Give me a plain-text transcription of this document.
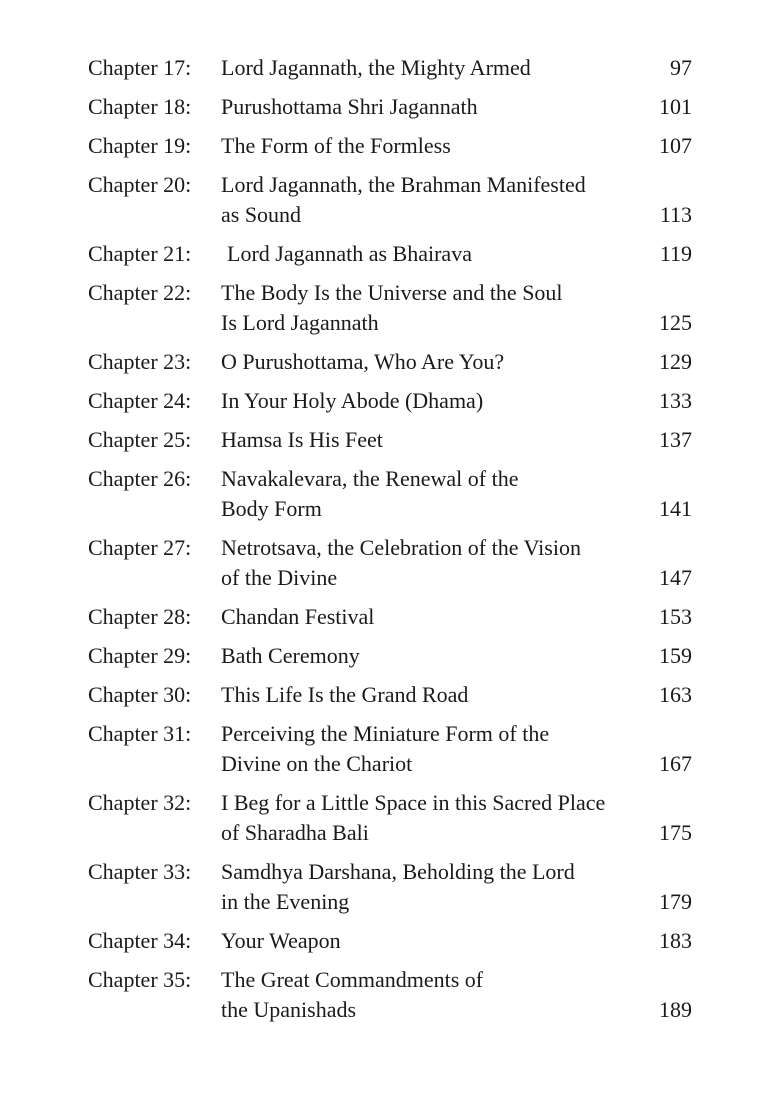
Chapter 17:	Lord Jagannath, the Mighty Armed	97
Chapter 18:	Purushottama Shri Jagannath	101
Chapter 19:	The Form of the Formless	107
Chapter 20:	Lord Jagannath, the Brahman Manifested
as Sound	113
Chapter 21:	Lord Jagannath as Bhairava	119
Chapter 22:	The Body Is the Universe and the Soul
Is Lord Jagannath	125
Chapter 23:	O Purushottama, Who Are You?	129
Chapter 24:	In Your Holy Abode (Dhama)	133
Chapter 25:	Hamsa Is His Feet	137
Chapter 26:	Navakalevara, the Renewal of the
Body Form	141
Chapter 27:	Netrotsava, the Celebration of the Vision
of the Divine	147
Chapter 28:	Chandan Festival	153
Chapter 29:	Bath Ceremony	159
Chapter 30:	This Life Is the Grand Road	163
Chapter 31:	Perceiving the Miniature Form of the
Divine on the Chariot	167
Chapter 32:	I Beg for a Little Space in this Sacred Place
of Sharadha Bali	175
Chapter 33:	Samdhya Darshana, Beholding the Lord
in the Evening	179
Chapter 34:	Your Weapon	183
Chapter 35:	The Great Commandments of
the Upanishads	189
